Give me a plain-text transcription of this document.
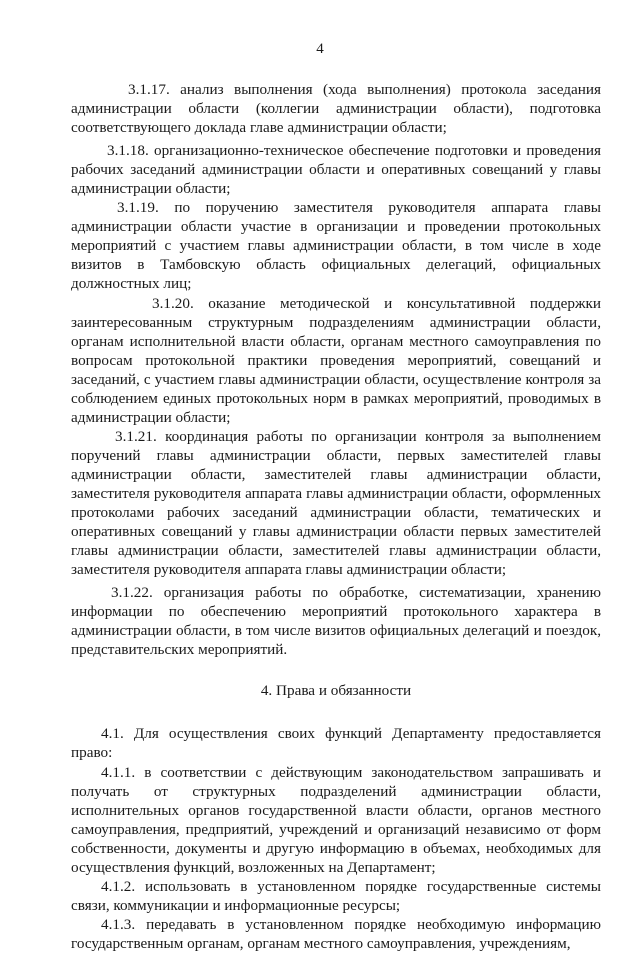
4

3.1.17. анализ выполнения (хода выполнения) протокола заседания администрации области (коллегии администрации области), подготовка соответствующего доклада главе администрации области;

3.1.18. организационно-техническое обеспечение подготовки и проведения рабочих заседаний администрации области и оперативных совещаний у главы администрации области;

3.1.19. по поручению заместителя руководителя аппарата главы администрации области участие в организации и проведении протокольных мероприятий с участием главы администрации области, в том числе в ходе визитов в Тамбовскую область официальных делегаций, официальных должностных лиц;

3.1.20. оказание методической и консультативной поддержки заинтересованным структурным подразделениям администрации области, органам исполнительной власти области, органам местного самоуправления по вопросам протокольной практики проведения мероприятий, совещаний и заседаний, с участием главы администрации области, осуществление контроля за соблюдением единых протокольных норм в рамках мероприятий, проводимых в администрации области;

3.1.21. координация работы по организации контроля за выполнением поручений главы администрации области, первых заместителей главы администрации области, заместителей главы администрации области, заместителя руководителя аппарата главы администрации области, оформленных протоколами рабочих заседаний администрации области, тематических и оперативных совещаний у главы администрации области первых заместителей главы администрации области, заместителей главы администрации области, заместителя руководителя аппарата главы администрации области;

3.1.22. организация работы по обработке, систематизации, хранению информации по обеспечению мероприятий протокольного характера в администрации области, в том числе визитов официальных делегаций и поездок, представительских мероприятий.

4. Права и обязанности

4.1. Для осуществления своих функций Департаменту предоставляется право:

4.1.1. в соответствии с действующим законодательством запрашивать и получать от структурных подразделений администрации области, исполнительных органов государственной власти области, органов местного самоуправления, предприятий, учреждений и организаций независимо от форм собственности, документы и другую информацию в объемах, необходимых для осуществления функций, возложенных на Департамент;

4.1.2. использовать в установленном порядке государственные системы связи, коммуникации и информационные ресурсы;

4.1.3. передавать в установленном порядке необходимую информацию государственным органам, органам местного самоуправления, учреждениям,
